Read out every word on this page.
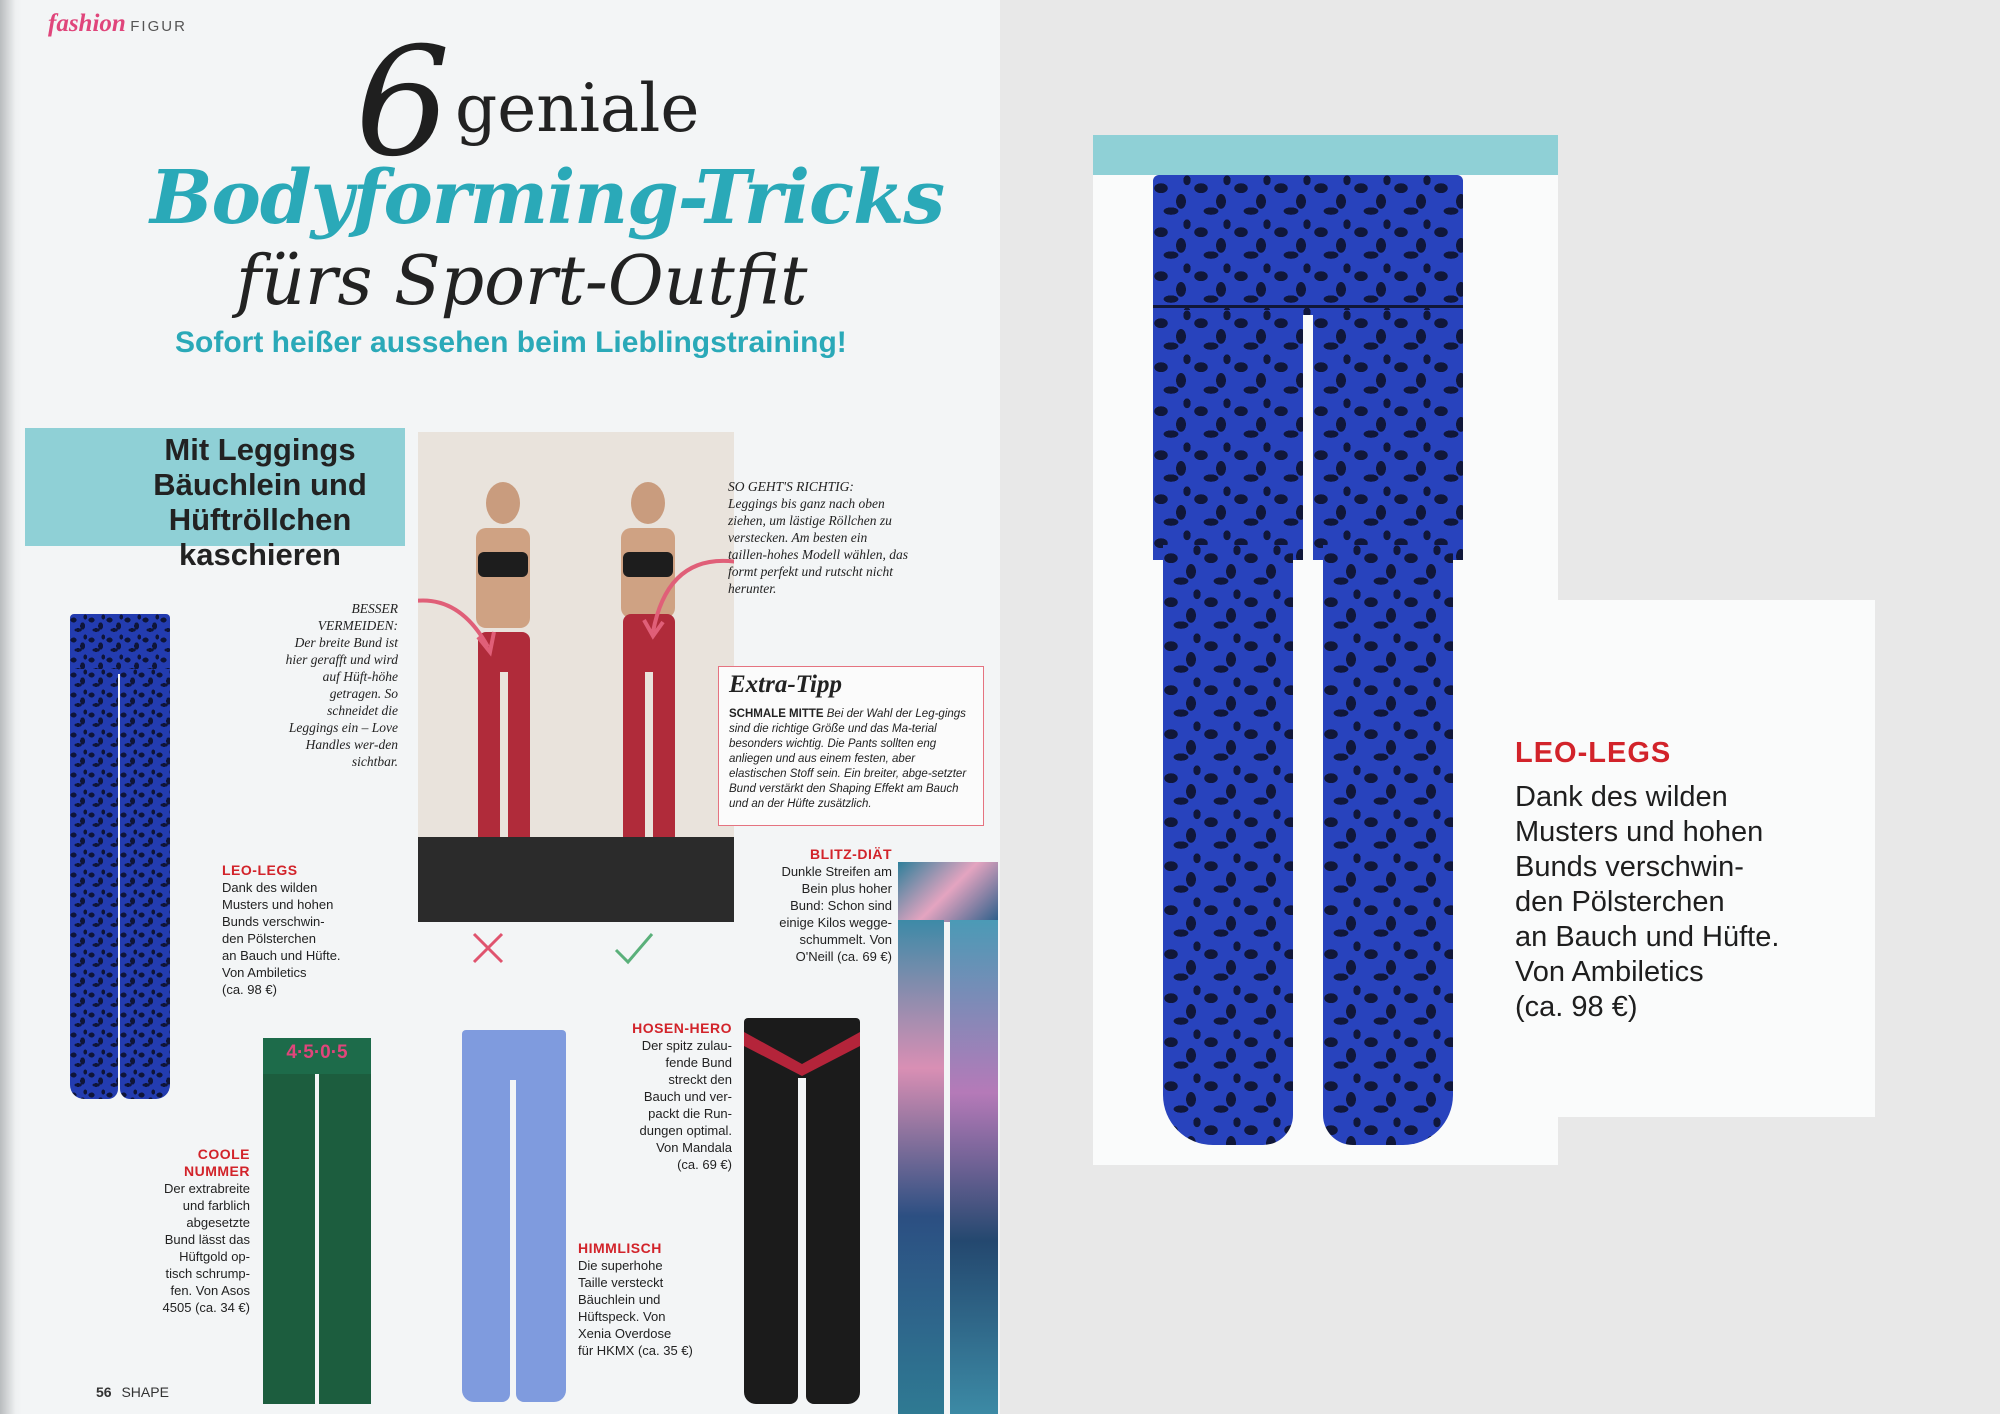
fashion FIGUR 6 geniale
Bodyforming-Tricks
fürs Sport-Outfit
Sofort heißer aussehen beim Lieblingstraining!
Mit Leggings
Bäuchlein und
Hüftröllchen
kaschieren
BESSER VERMEIDEN:
Der breite Bund ist hier gerafft und wird auf Hüft-höhe getragen. So schneidet die Leggings ein – Love Handles wer-den sichtbar.
SO GEHT'S RICHTIG:
Leggings bis ganz nach oben ziehen, um lästige Röllchen zu verstecken. Am besten ein taillen-hohes Modell wählen, das formt perfekt und rutscht nicht herunter.
Extra-Tipp
SCHMALE MITTE Bei der Wahl der Leg-gings sind die richtige Größe und das Ma-terial besonders wichtig. Die Pants sollten eng anliegen und aus einem festen, aber elastischen Stoff sein. Ein breiter, abge-setzter Bund verstärkt den Shaping Effekt am Bauch und an der Hüfte zusätzlich.
LEO-LEGS
Dank des wilden
Musters und hohen
Bunds verschwin-
den Pölsterchen
an Bauch und Hüfte.
Von Ambiletics
(ca. 98 €)
4·5·0·5
COOLE NUMMER
Der extrabreite
und farblich
abgesetzte
Bund lässt das
Hüftgold op-
tisch schrump-
fen. Von Asos
4505 (ca. 34 €)
HIMMLISCH
Die superhohe
Taille versteckt
Bäuchlein und
Hüftspeck. Von
Xenia Overdose
für HKMX (ca. 35 €)
HOSEN-HERO
Der spitz zulau-
fende Bund
streckt den
Bauch und ver-
packt die Run-
dungen optimal.
Von Mandala
(ca. 69 €)
BLITZ-DIÄT
Dunkle Streifen am
Bein plus hoher
Bund: Schon sind
einige Kilos wegge-
schummelt. Von
O'Neill (ca. 69 €)
56 SHAPE
LEO-LEGS
Dank des wilden
Musters und hohen
Bunds verschwin-
den Pölsterchen
an Bauch und Hüfte.
Von Ambiletics
(ca. 98 €)
